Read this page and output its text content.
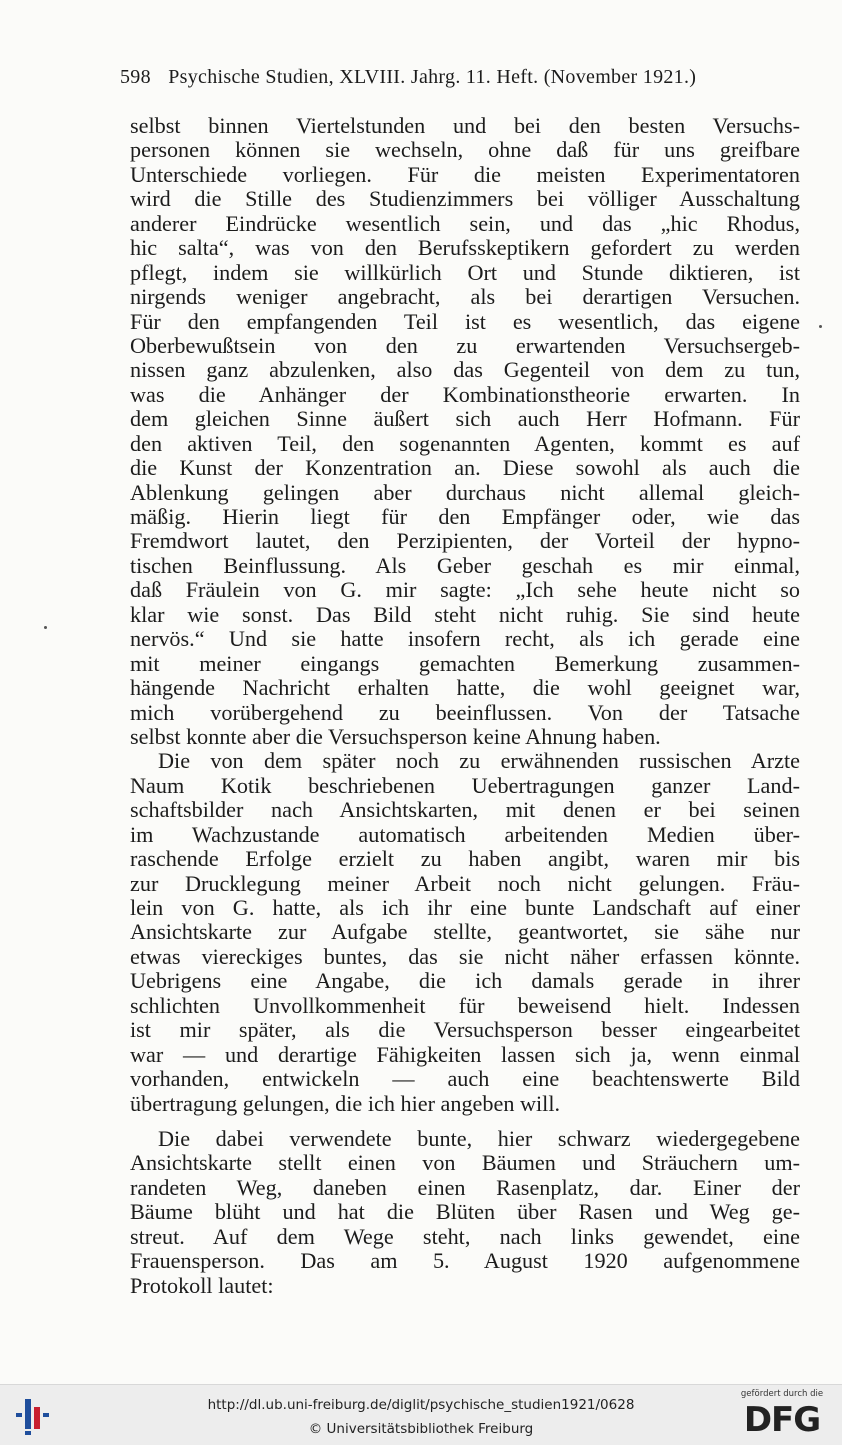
598 Psychische Studien, XLVIII. Jahrg. 11. Heft. (November 1921.)
selbst binnen Viertelstunden und bei den besten Versuchs-
personen können sie wechseln, ohne daß für uns greifbare
Unterschiede vorliegen. Für die meisten Experimentatoren
wird die Stille des Studienzimmers bei völliger Ausschaltung
anderer Eindrücke wesentlich sein, und das „hic Rhodus,
hic salta“, was von den Berufsskeptikern gefordert zu werden
pflegt, indem sie willkürlich Ort und Stunde diktieren, ist
nirgends weniger angebracht, als bei derartigen Versuchen.
Für den empfangenden Teil ist es wesentlich, das eigene
Oberbewußtsein von den zu erwartenden Versuchsergeb-
nissen ganz abzulenken, also das Gegenteil von dem zu tun,
was die Anhänger der Kombinationstheorie erwarten. In
dem gleichen Sinne äußert sich auch Herr Hofmann. Für
den aktiven Teil, den sogenannten Agenten, kommt es auf
die Kunst der Konzentration an. Diese sowohl als auch die
Ablenkung gelingen aber durchaus nicht allemal gleich-
mäßig. Hierin liegt für den Empfänger oder, wie das
Fremdwort lautet, den Perzipienten, der Vorteil der hypno-
tischen Beinflussung. Als Geber geschah es mir einmal,
daß Fräulein von G. mir sagte: „Ich sehe heute nicht so
klar wie sonst. Das Bild steht nicht ruhig. Sie sind heute
nervös.“ Und sie hatte insofern recht, als ich gerade eine
mit meiner eingangs gemachten Bemerkung zusammen-
hängende Nachricht erhalten hatte, die wohl geeignet war,
mich vorübergehend zu beeinflussen. Von der Tatsache
selbst konnte aber die Versuchsperson keine Ahnung haben.
Die von dem später noch zu erwähnenden russischen Arzte
Naum Kotik beschriebenen Uebertragungen ganzer Land-
schaftsbilder nach Ansichtskarten, mit denen er bei seinen
im Wachzustande automatisch arbeitenden Medien über-
raschende Erfolge erzielt zu haben angibt, waren mir bis
zur Drucklegung meiner Arbeit noch nicht gelungen. Fräu-
lein von G. hatte, als ich ihr eine bunte Landschaft auf einer
Ansichtskarte zur Aufgabe stellte, geantwortet, sie sähe nur
etwas viereckiges buntes, das sie nicht näher erfassen könnte.
Uebrigens eine Angabe, die ich damals gerade in ihrer
schlichten Unvollkommenheit für beweisend hielt. Indessen
ist mir später, als die Versuchsperson besser eingearbeitet
war — und derartige Fähigkeiten lassen sich ja, wenn einmal
vorhanden, entwickeln — auch eine beachtenswerte Bild
übertragung gelungen, die ich hier angeben will.
Die dabei verwendete bunte, hier schwarz wiedergegebene
Ansichtskarte stellt einen von Bäumen und Sträuchern um-
randeten Weg, daneben einen Rasenplatz, dar. Einer der
Bäume blüht und hat die Blüten über Rasen und Weg ge-
streut. Auf dem Wege steht, nach links gewendet, eine
Frauensperson. Das am 5. August 1920 aufgenommene
Protokoll lautet:
http://dl.ub.uni-freiburg.de/diglit/psychische_studien1921/0628
© Universitätsbibliothek Freiburg
gefördert durch die
DFG
